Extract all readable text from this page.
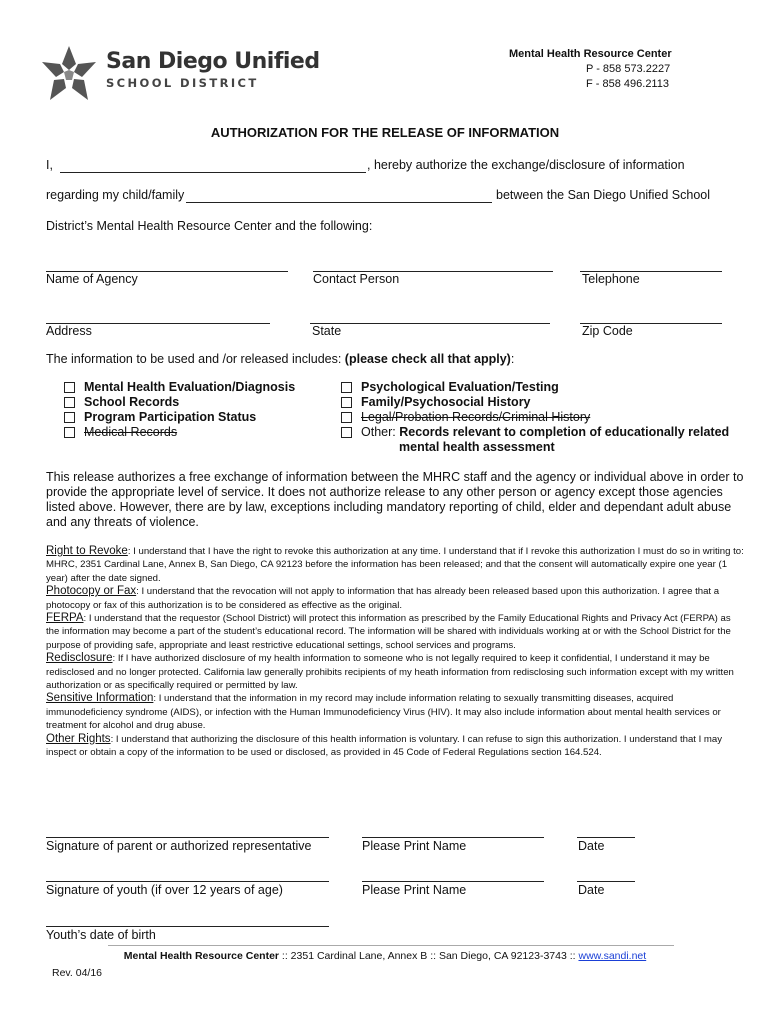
San Diego Unified
SCHOOL DISTRICT
Mental Health Resource Center
P - 858 573.2227
F - 858 496.2113
AUTHORIZATION FOR THE RELEASE OF INFORMATION
I,	, hereby authorize the exchange/disclosure of information
regarding my child/family	between the San Diego Unified School
District’s Mental Health Resource Center and the following:
Name of Agency	Contact Person	Telephone
Address	State	Zip Code
The information to be used and /or released includes: (please check all that apply):
Mental Health Evaluation/Diagnosis
School Records
Program Participation Status
Medical Records
Psychological Evaluation/Testing
Family/Psychosocial History
Legal/Probation Records/Criminal History
Other: Records relevant to completion of educationally related
mental health assessment
This release authorizes a free exchange of information between the MHRC staff and the agency or individual above in order to provide the appropriate level of service. It does not authorize release to any other person or agency except those agencies listed above. However, there are by law, exceptions including mandatory reporting of child, elder and dependant adult abuse and any threats of violence.
Right to Revoke: I understand that I have the right to revoke this authorization at any time. I understand that if I revoke this authorization I must do so in writing to: MHRC, 2351 Cardinal Lane, Annex B, San Diego, CA 92123 before the information has been released; and that the consent will automatically expire one year (1 year) after the date signed.
Photocopy or Fax: I understand that the revocation will not apply to information that has already been released based upon this authorization. I agree that a photocopy or fax of this authorization is to be considered as effective as the original.
FERPA: I understand that the requestor (School District) will protect this information as prescribed by the Family Educational Rights and Privacy Act (FERPA) as the information may become a part of the student’s educational record. The information will be shared with individuals working at or with the School District for the purpose of providing safe, appropriate and least restrictive educational settings, school services and programs.
Redisclosure: If I have authorized disclosure of my health information to someone who is not legally required to keep it confidential, I understand it may be redisclosed and no longer protected. California law generally prohibits recipients of my heath information from redisclosing such information except with my written authorization or as specifically required or permitted by law.
Sensitive Information: I understand that the information in my record may include information relating to sexually transmitting diseases, acquired immunodeficiency syndrome (AIDS), or infection with the Human Immunodeficiency Virus (HIV). It may also include information about mental health services or treatment for alcohol and drug abuse.
Other Rights: I understand that authorizing the disclosure of this health information is voluntary. I can refuse to sign this authorization. I understand that I may inspect or obtain a copy of the information to be used or disclosed, as provided in 45 Code of Federal Regulations section 164.524.
Signature of parent or authorized representative	Please Print Name	Date
Signature of youth (if over 12 years of age)	Please Print Name	Date
Youth’s date of birth
Mental Health Resource Center :: 2351 Cardinal Lane, Annex B :: San Diego, CA 92123-3743 :: www.sandi.net
Rev. 04/16
